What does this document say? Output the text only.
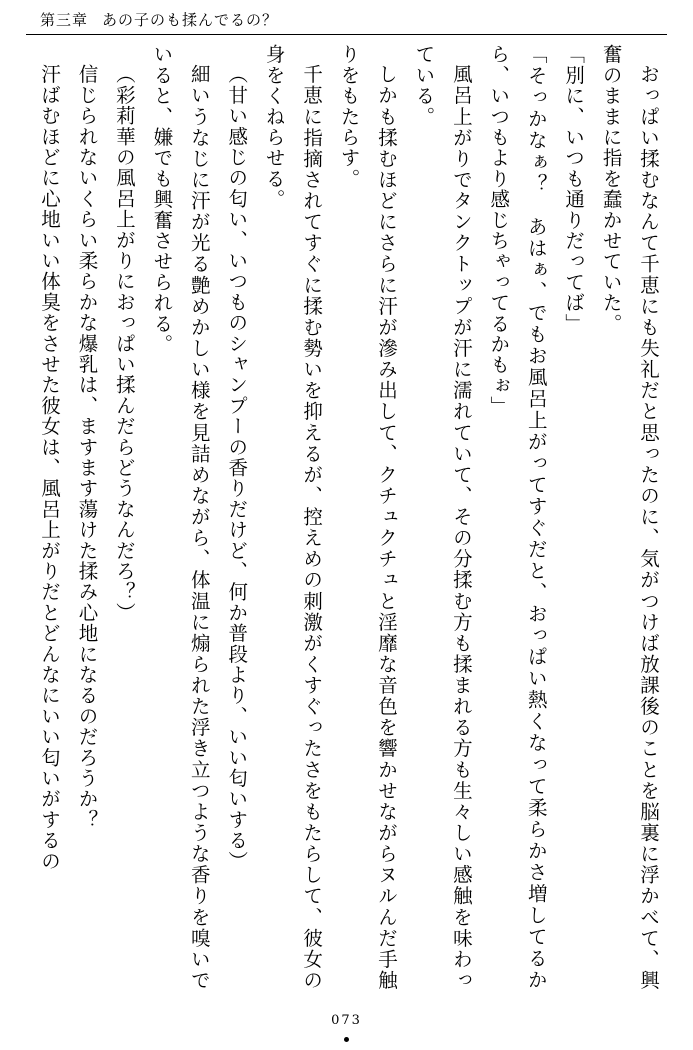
第三章 あの子のも揉んでるの？

おっぱい揉むなんて千恵にも失礼だと思ったのに、気がつけば放課後のことを脳裏に浮かべて、興奮のままに指を蠢かせていた。

「別に、いつも通りだってば」

「そっかなぁ？　あはぁ、でもお風呂上がってすぐだと、おっぱい熱くなって柔らかさ増してるから、いつもより感じちゃってるかもぉ」

風呂上がりでタンクトップが汗に濡れていて、その分揉む方も揉まれる方も生々しい感触を味わっている。

しかも揉むほどにさらに汗が滲み出して、クチュクチュと淫靡な音色を響かせながらヌルんだ手触りをもたらす。

千恵に指摘されてすぐに揉む勢いを抑えるが、控えめの刺激がくすぐったさをもたらして、彼女の身をくねらせる。

（甘い感じの匂い、いつものシャンプーの香りだけど、何か普段より、いい匂いする）

細いうなじに汗が光る艶めかしい様を見詰めながら、体温に煽られた浮き立つような香りを嗅いでいると、嫌でも興奮させられる。

（彩莉華の風呂上がりにおっぱい揉んだらどうなんだろ？）

信じられないくらい柔らかな爆乳は、ますます蕩けた揉み心地になるのだろうか？

汗ばむほどに心地いい体臭をさせた彼女は、風呂上がりだとどんなにいい匂いがするの

073
